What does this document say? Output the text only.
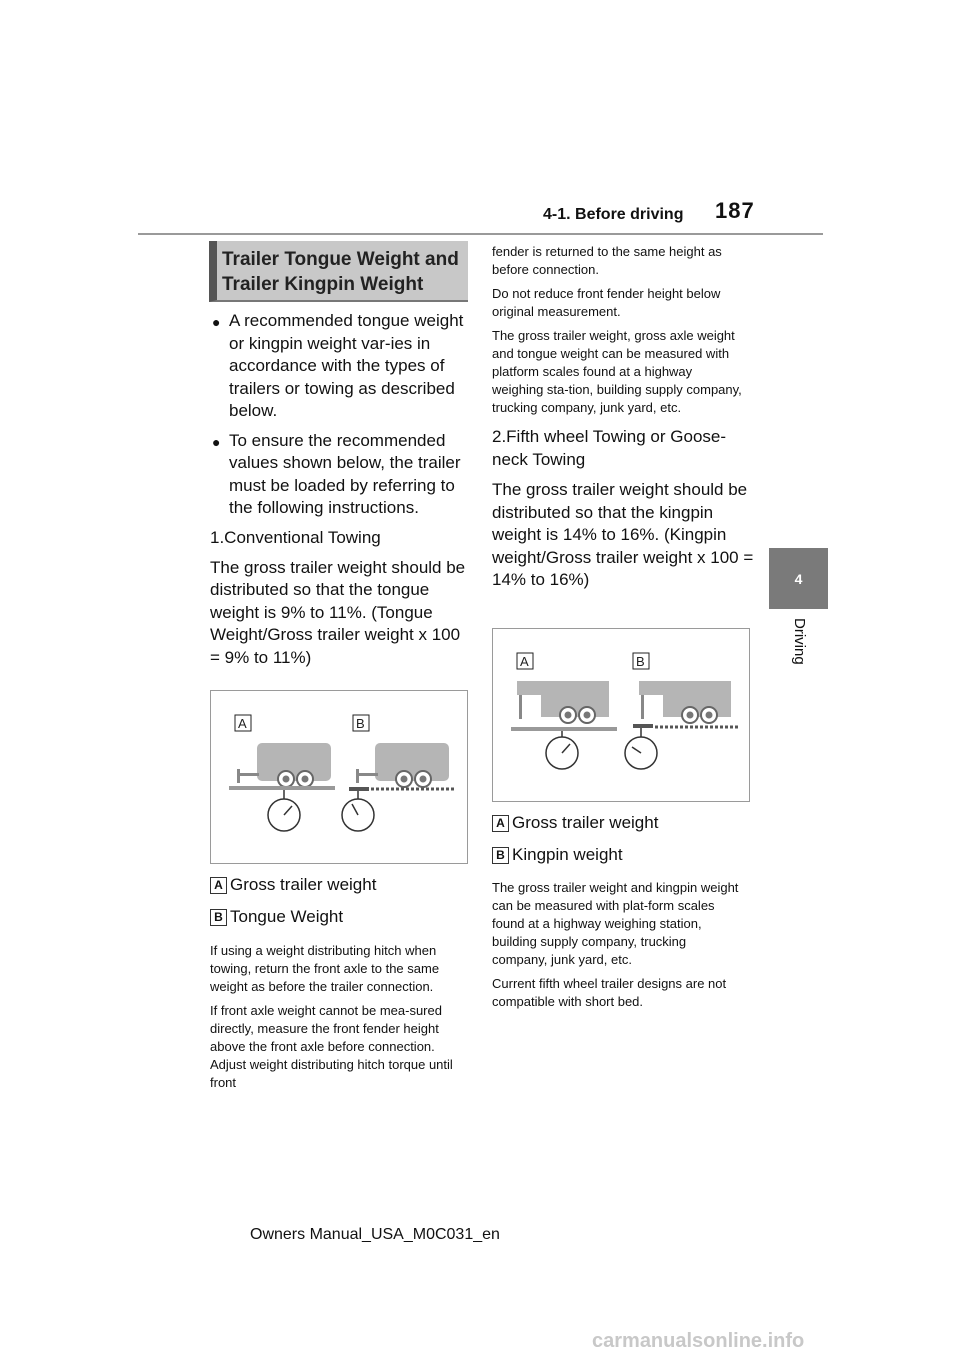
4-1. Before driving 187
4
Driving
Trailer Tongue Weight and
Trailer Kingpin Weight

● A recommended tongue weight or kingpin weight var-ies in accordance with the types of trailers or towing as described below.

● To ensure the recommended values shown below, the trailer must be loaded by referring to the following instructions.

1.Conventional Towing

The gross trailer weight should be distributed so that the tongue weight is 9% to 11%. (Tongue Weight/Gross trailer weight x 100 = 9% to 11%)

A	B
A Gross trailer weight
B Tongue Weight

If using a weight distributing hitch when towing, return the front axle to the same weight as before the trailer connection.

If front axle weight cannot be mea-sured directly, measure the front fender height above the front axle before connection. Adjust weight distributing hitch torque until front

fender is returned to the same height as before connection.

Do not reduce front fender height below original measurement.

The gross trailer weight, gross axle weight and tongue weight can be measured with platform scales found at a highway weighing sta-tion, building supply company, trucking company, junk yard, etc.

2.Fifth wheel Towing or Goose-neck Towing

The gross trailer weight should be distributed so that the kingpin weight is 14% to 16%. (Kingpin weight/Gross trailer weight x 100 = 14% to 16%)

A	B
A Gross trailer weight
B Kingpin weight

The gross trailer weight and kingpin weight can be measured with plat-form scales found at a highway weighing station, building supply company, trucking company, junk yard, etc.

Current fifth wheel trailer designs are not compatible with short bed.

Owners Manual_USA_M0C031_en
carmanualsonline.info
